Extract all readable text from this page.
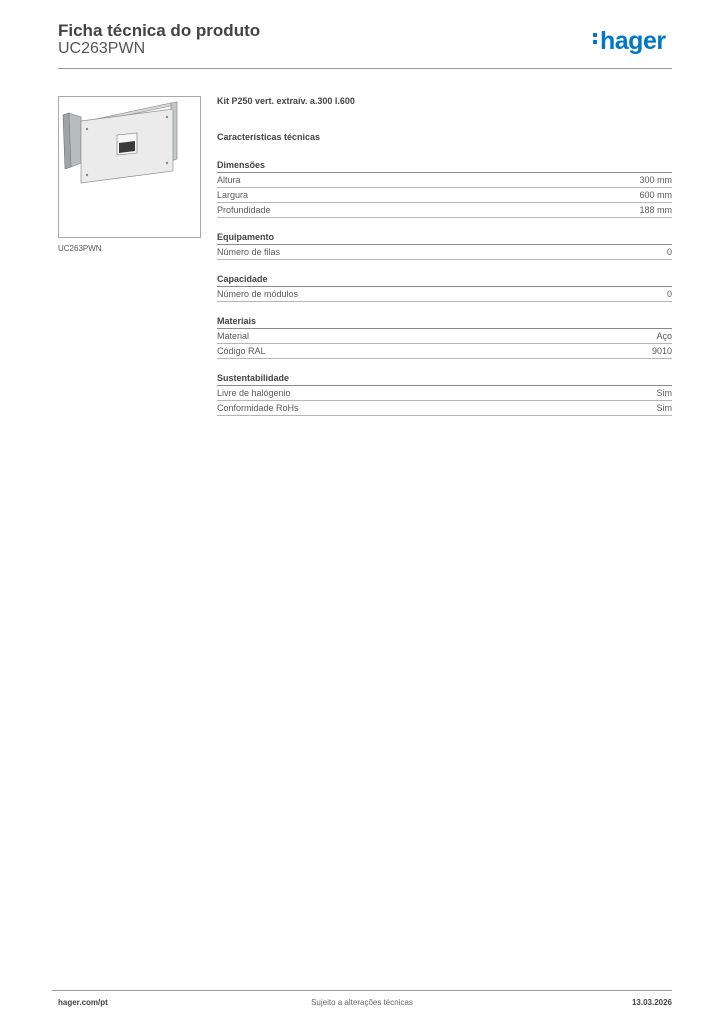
Ficha técnica do produto
UC263PWN	hager
UC263PWN
Kit P250 vert. extraív. a.300 l.600
Características técnicas
Dimensões
Altura	300 mm
Largura	600 mm
Profundidade	188 mm
Equipamento
Número de filas	0
Capacidade
Número de módulos	0
Materiais
Material	Aço
Código RAL	9010
Sustentabilidade
Livre de halógenio	Sim
Conformidade RoHs	Sim
hager.com/pt	Sujeito a alterações técnicas	13.03.2026
